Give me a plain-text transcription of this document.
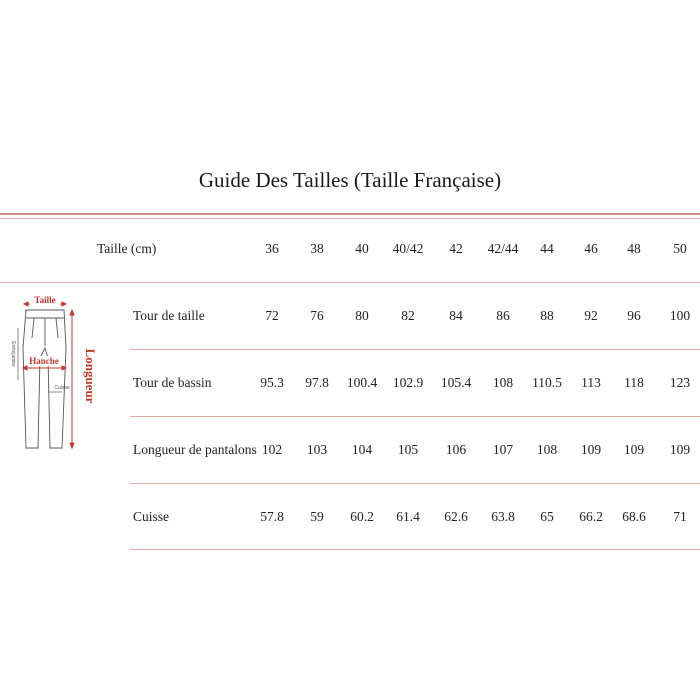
Guide Des Tailles (Taille Française)
Taille (cm)	36	38	40	40/42	42	42/44	44	46	48	50
Tour de taille	72	76	80	82	84	86	88	92	96	100
Tour de bassin	95.3	97.8	100.4	102.9	105.4	108	110.5	113	118	123
Longueur de pantalons 102	103	104	105	106	107	108	109	109	109
Cuisse	57.8	59	60.2	61.4	62.6	63.8	65	66.2	68.6	71
Taille
Hanche
Cuisse
Entrejambe	Longueur
